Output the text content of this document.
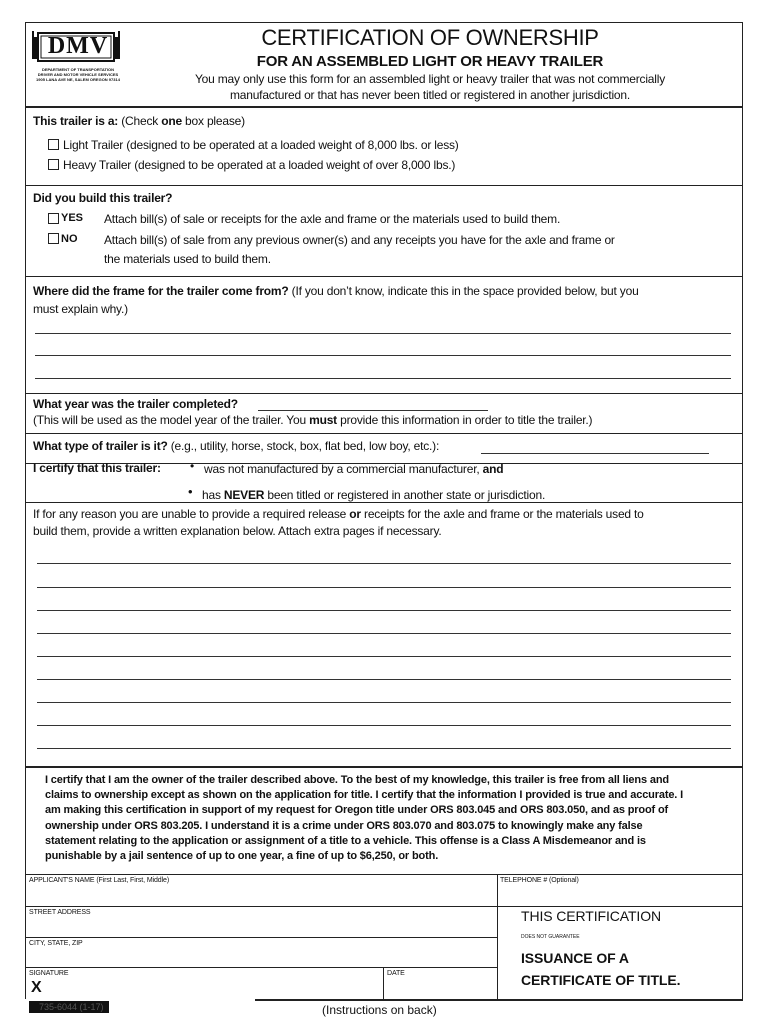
DMV
DEPARTMENT OF TRANSPORTATION
DRIVER AND MOTOR VEHICLE SERVICES
1905 LANA AVE NE, SALEM OREGON 97314
CERTIFICATION OF OWNERSHIP
FOR AN ASSEMBLED LIGHT OR HEAVY TRAILER
You may only use this form for an assembled light or heavy trailer that was not commercially
manufactured or that has never been titled or registered in another jurisdiction.
This trailer is a: (Check one box please)
Light Trailer (designed to be operated at a loaded weight of 8,000 lbs. or less)
Heavy Trailer (designed to be operated at a loaded weight of over 8,000 lbs.)
Did you build this trailer?
YES Attach bill(s) of sale or receipts for the axle and frame or the materials used to build them.
NO Attach bill(s) of sale from any previous owner(s) and any receipts you have for the axle and frame or
the materials used to build them.
Where did the frame for the trailer come from? (If you don’t know, indicate this in the space provided below, but you
must explain why.)
What year was the trailer completed?
(This will be used as the model year of the trailer. You must provide this information in order to title the trailer.)
What type of trailer is it? (e.g., utility, horse, stock, box, flat bed, low boy, etc.):
I certify that this trailer: • was not manufactured by a commercial manufacturer, and
• has NEVER been titled or registered in another state or jurisdiction.
If for any reason you are unable to provide a required release or receipts for the axle and frame or the materials used to
build them, provide a written explanation below. Attach extra pages if necessary.
I certify that I am the owner of the trailer described above. To the best of my knowledge, this trailer is free from all liens and
claims to ownership except as shown on the application for title. I certify that the information I provided is true and accurate. I
am making this certification in support of my request for Oregon title under ORS 803.045 and ORS 803.050, and as proof of
ownership under ORS 803.205. I understand it is a crime under ORS 803.070 and 803.075 to knowingly make any false
statement relating to the application or assignment of a title to a vehicle. This offense is a Class A Misdemeanor and is
punishable by a jail sentence of up to one year, a fine of up to $6,250, or both.
APPLICANT'S NAME (First Last, First, Middle)	TELEPHONE # (Optional)
STREET ADDRESS
CITY, STATE, ZIP
SIGNATURE
X
DATE
THIS CERTIFICATION
DOES NOT GUARANTEE
ISSUANCE OF A
CERTIFICATE OF TITLE.
735-6044 (1-17)	(Instructions on back)
